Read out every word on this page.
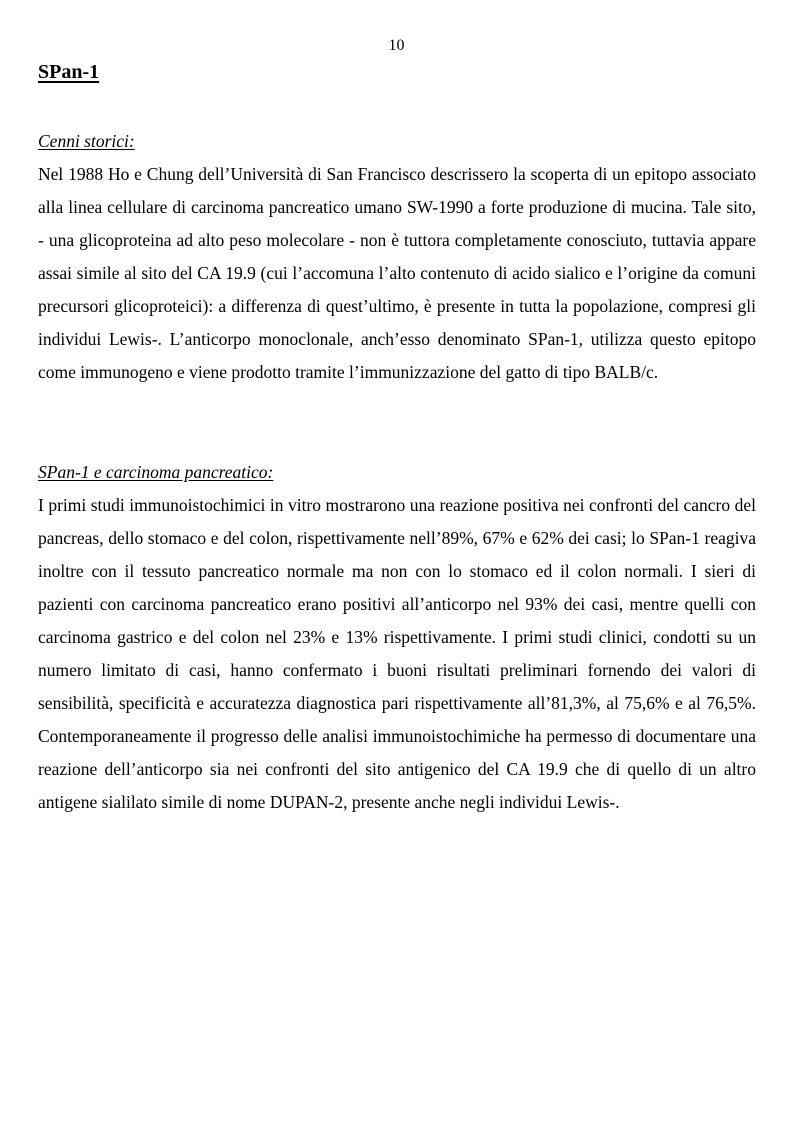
10
SPan-1

Cenni storici:

Nel 1988 Ho e Chung dell’Università di San Francisco descrissero la scoperta di un epitopo associato alla linea cellulare di carcinoma pancreatico umano SW-1990 a forte produzione di mucina. Tale sito, - una glicoproteina ad alto peso molecolare - non è tuttora completamente conosciuto, tuttavia appare assai simile al sito del CA 19.9 (cui l’accomuna l’alto contenuto di acido sialico e l’origine da comuni precursori glicoproteici): a differenza di quest’ultimo, è presente in tutta la popolazione, compresi gli individui Lewis-. L’anticorpo monoclonale, anch’esso denominato SPan-1, utilizza questo epitopo come immunogeno e viene prodotto tramite l’immunizzazione del gatto di tipo BALB/c.

SPan-1 e carcinoma pancreatico:

I primi studi immunoistochimici in vitro mostrarono una reazione positiva nei confronti del cancro del pancreas, dello stomaco e del colon, rispettivamente nell’89%, 67% e 62% dei casi; lo SPan-1 reagiva inoltre con il tessuto pancreatico normale ma non con lo stomaco ed il colon normali. I sieri di pazienti con carcinoma pancreatico erano positivi all’anticorpo nel 93% dei casi, mentre quelli con carcinoma gastrico e del colon nel 23% e 13% rispettivamente. I primi studi clinici, condotti su un numero limitato di casi, hanno confermato i buoni risultati preliminari fornendo dei valori di sensibilità, specificità e accuratezza diagnostica pari rispettivamente all’81,3%, al 75,6% e al 76,5%. Contemporaneamente il progresso delle analisi immunoistochimiche ha permesso di documentare una reazione dell’anticorpo sia nei confronti del sito antigenico del CA 19.9 che di quello di un altro antigene sialilato simile di nome DUPAN-2, presente anche negli individui Lewis-.
